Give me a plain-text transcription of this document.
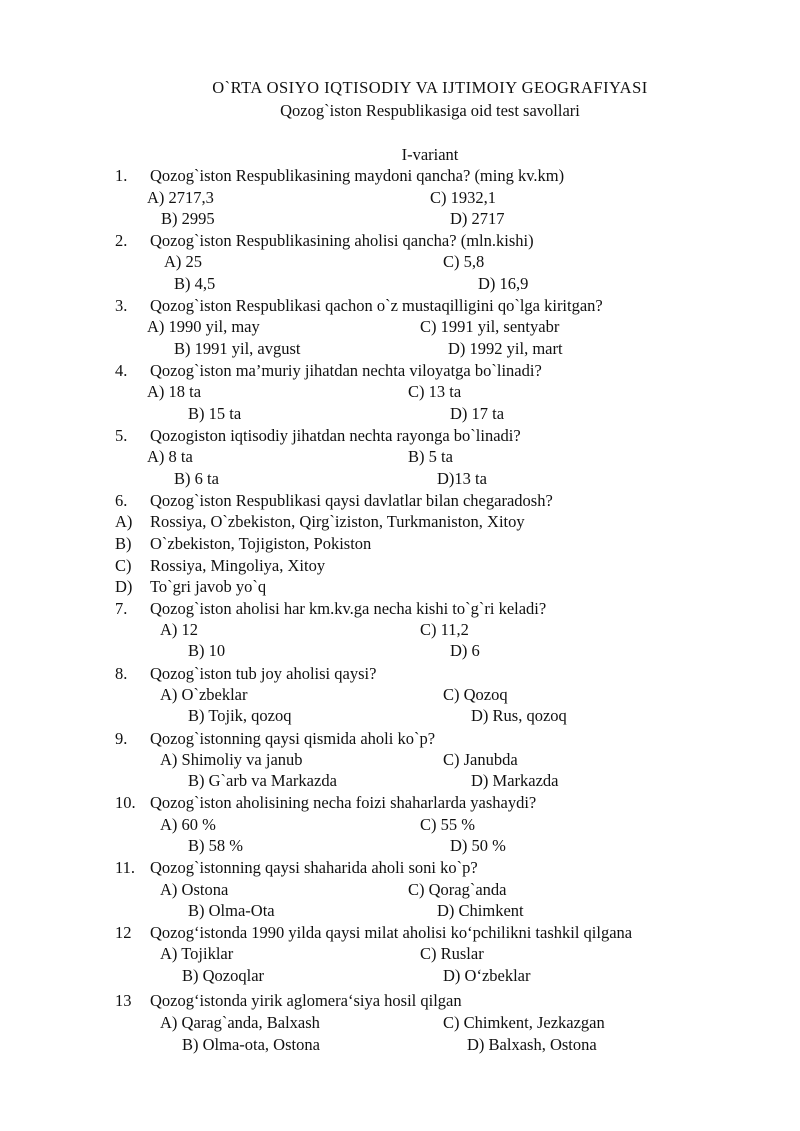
O`RTA OSIYO IQTISODIY VA IJTIMOIY GEOGRAFIYASI
Qozog`iston Respublikasiga oid test savollari
I-variant
1. Qozog`iston Respublikasining maydoni qancha? (ming kv.km)
A) 2717,3	C) 1932,1
B) 2995	D) 2717
2. Qozog`iston Respublikasining aholisi qancha? (mln.kishi)
A) 25	C) 5,8
B) 4,5	D) 16,9
3. Qozog`iston Respublikasi qachon o`z mustaqilligini qo`lga kiritgan?
A) 1990 yil, may	C) 1991 yil, sentyabr
B) 1991 yil, avgust	D) 1992 yil, mart
4. Qozog`iston ma’muriy jihatdan nechta viloyatga bo`linadi?
A) 18 ta	C) 13 ta
B) 15 ta	D) 17 ta
5. Qozogiston iqtisodiy jihatdan nechta rayonga bo`linadi?
A) 8 ta	B) 5 ta
B) 6 ta	D)13 ta
6. Qozog`iston Respublikasi qaysi davlatlar bilan chegaradosh?
A) Rossiya, O`zbekiston, Qirg`iziston, Turkmaniston, Xitoy
B) O`zbekiston, Tojigiston, Pokiston
C) Rossiya, Mingoliya, Xitoy
D) To`gri javob yo`q
7. Qozog`iston aholisi har km.kv.ga necha kishi to`g`ri keladi?
A) 12	C) 11,2
B) 10	D) 6
8. Qozog`iston tub joy aholisi qaysi?
A) O`zbeklar	C) Qozoq
B) Tojik, qozoq	D) Rus, qozoq
9. Qozog`istonning qaysi qismida aholi ko`p?
A) Shimoliy va janub	C) Janubda
B) G`arb va Markazda	D) Markazda
10. Qozog`iston aholisining necha foizi shaharlarda yashaydi?
A) 60 %	C) 55 %
B) 58 %	D) 50 %
11. Qozog`istonning qaysi shaharida aholi soni ko`p?
A) Ostona	C) Qorag`anda
B) Olma-Ota	D) Chimkent
12 Qozog‘istonda 1990 yilda qaysi milat aholisi ko‘pchilikni tashkil qilgana
A) Tojiklar	C) Ruslar
B) Qozoqlar	D) O‘zbeklar
13 Qozog‘istonda yirik aglomera‘siya hosil qilgan
A) Qarag`anda, Balxash	C) Chimkent, Jezkazgan
B) Olma-ota, Ostona	D) Balxash, Ostona
